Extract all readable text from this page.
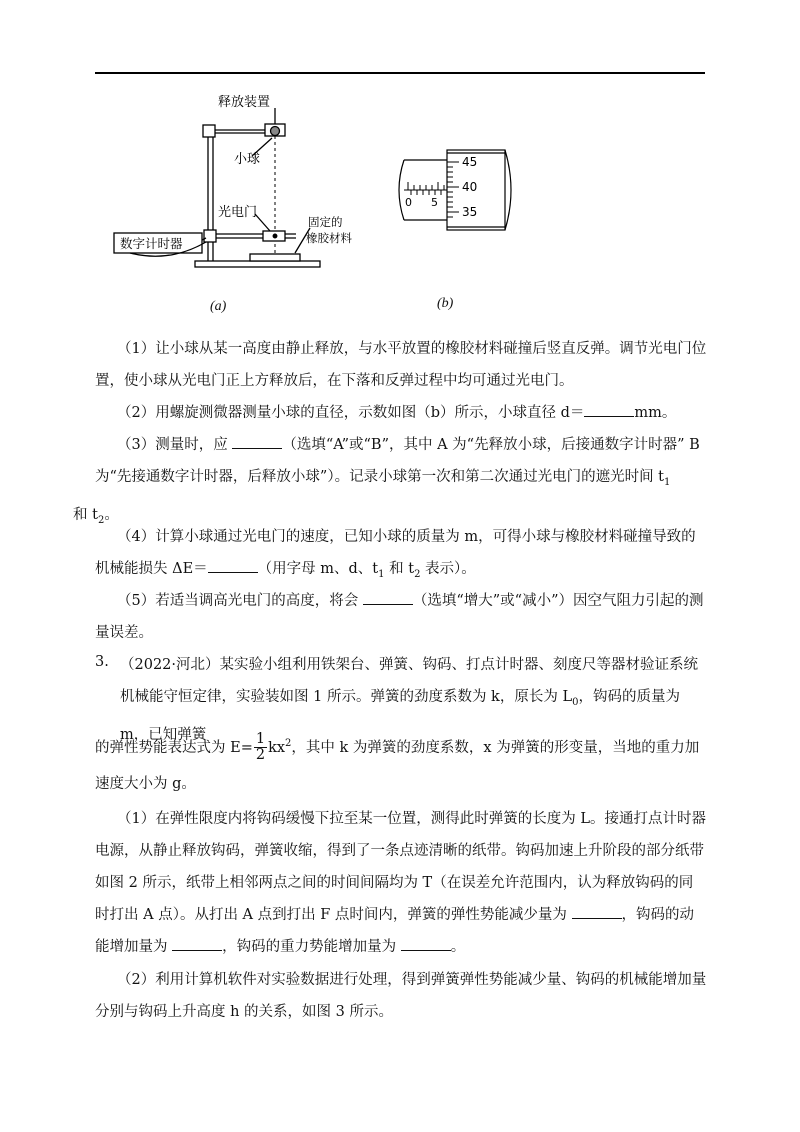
释放装置
小球
光电门
数字计时器
固定的
橡胶材料
(a)
45
40
35
0 5
(b)
（1）让小球从某一高度由静止释放，与水平放置的橡胶材料碰撞后竖直反弹。调节光电门位置，使小球从光电门正上方释放后，在下落和反弹过程中均可通过光电门。
（2）用螺旋测微器测量小球的直径，示数如图（b）所示，小球直径 d＝	mm。
（3）测量时，应	（选填“A”或“B”，其中 A 为“先释放小球，后接通数字计时器” B 为“先接通数字计时器，后释放小球”）。记录小球第一次和第二次通过光电门的遮光时间 $t_1$
和 $t_2$。
（4）计算小球通过光电门的速度，已知小球的质量为 m，可得小球与橡胶材料碰撞导致的机械能损失 ΔE＝	（用字母 m、d、$t_1$ 和 $t_2$ 表示）。
（5）若适当调高光电门的高度，将会	（选填“增大”或“减小”）因空气阻力引起的测量误差。
3. （2022·河北）某实验小组利用铁架台、弹簧、钩码、打点计时器、刻度尺等器材验证系统机械能守恒定律，实验装如图 1 所示。弹簧的劲度系数为 k，原长为 $L_0$，钩码的质量为 m，已知弹簧
的弹性势能表达式为 $E= \frac{1}{2} kx^2$，其中 k 为弹簧的劲度系数，x 为弹簧的形变量，当地的重力加速度大小为 g。
（1）在弹性限度内将钩码缓慢下拉至某一位置，测得此时弹簧的长度为 L。接通打点计时器电源，从静止释放钩码，弹簧收缩，得到了一条点迹清晰的纸带。钩码加速上升阶段的部分纸带如图 2 所示，纸带上相邻两点之间的时间间隔均为 T（在误差允许范围内，认为释放钩码的同时打出 A 点）。从打出 A 点到打出 F 点时间内，弹簧的弹性势能减少量为	，钩码的动能增加量为	，钩码的重力势能增加量为	。
（2）利用计算机软件对实验数据进行处理，得到弹簧弹性势能减少量、钩码的机械能增加量分别与钩码上升高度 h 的关系，如图 3 所示。
